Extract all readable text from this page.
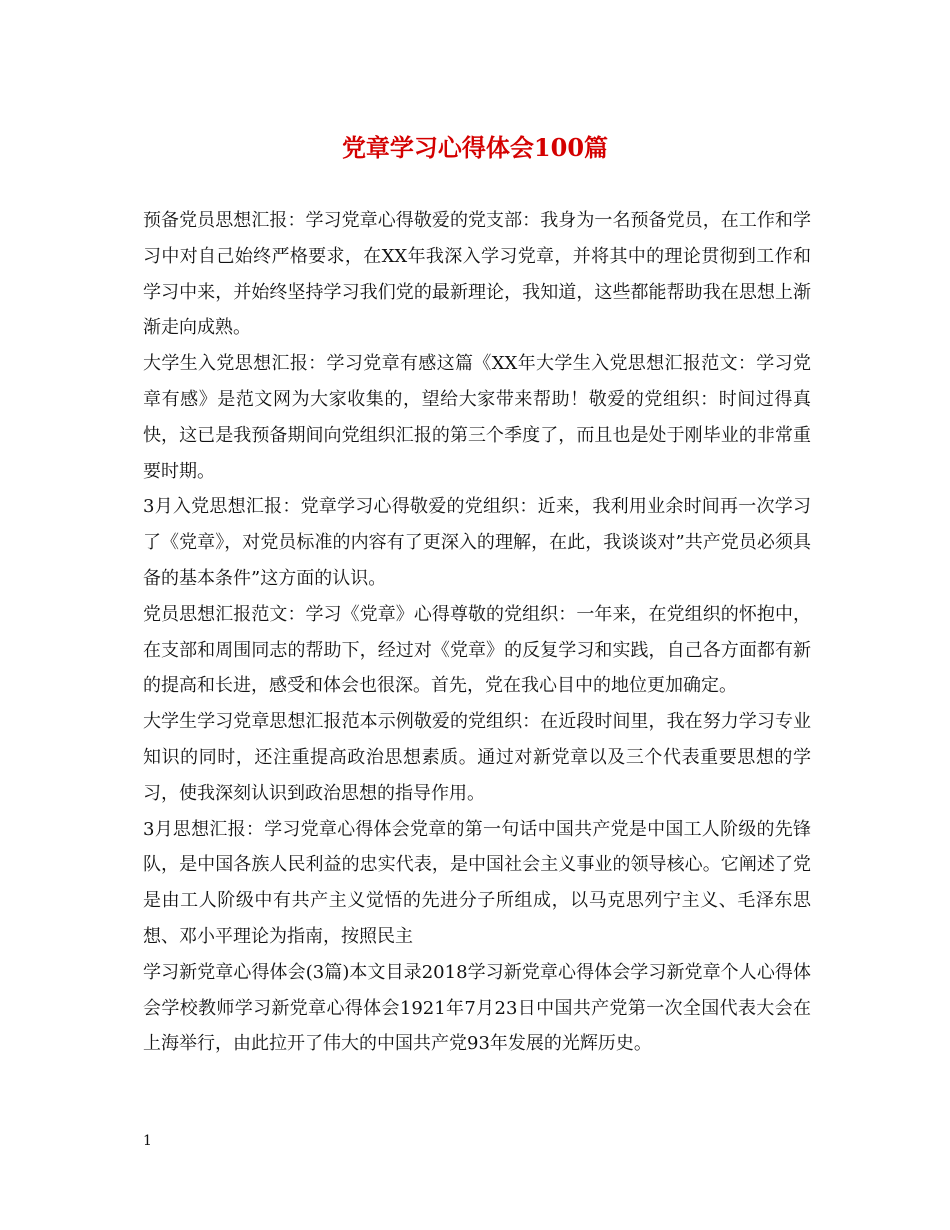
党章学习心得体会100篇

预备党员思想汇报：学习党章心得敬爱的党支部：我身为一名预备党员，在工作和学习中对自己始终严格要求，在XX年我深入学习党章，并将其中的理论贯彻到工作和学习中来，并始终坚持学习我们党的最新理论，我知道，这些都能帮助我在思想上渐渐走向成熟。

大学生入党思想汇报：学习党章有感这篇《XX年大学生入党思想汇报范文：学习党章有感》是范文网为大家收集的，望给大家带来帮助！敬爱的党组织：时间过得真快，这已是我预备期间向党组织汇报的第三个季度了，而且也是处于刚毕业的非常重要时期。

3月入党思想汇报：党章学习心得敬爱的党组织：近来，我利用业余时间再一次学习了《党章》，对党员标准的内容有了更深入的理解，在此，我谈谈对”共产党员必须具备的基本条件”这方面的认识。

党员思想汇报范文：学习《党章》心得尊敬的党组织：一年来，在党组织的怀抱中，在支部和周围同志的帮助下，经过对《党章》的反复学习和实践，自己各方面都有新的提高和长进，感受和体会也很深。首先，党在我心目中的地位更加确定。

大学生学习党章思想汇报范本示例敬爱的党组织：在近段时间里，我在努力学习专业知识的同时，还注重提高政治思想素质。通过对新党章以及三个代表重要思想的学习，使我深刻认识到政治思想的指导作用。

3月思想汇报：学习党章心得体会党章的第一句话中国共产党是中国工人阶级的先锋队，是中国各族人民利益的忠实代表，是中国社会主义事业的领导核心。它阐述了党是由工人阶级中有共产主义觉悟的先进分子所组成，以马克思列宁主义、毛泽东思想、邓小平理论为指南，按照民主

学习新党章心得体会(3篇)本文目录2018学习新党章心得体会学习新党章个人心得体会学校教师学习新党章心得体会1921年7月23日中国共产党第一次全国代表大会在上海举行，由此拉开了伟大的中国共产党93年发展的光辉历史。

1
